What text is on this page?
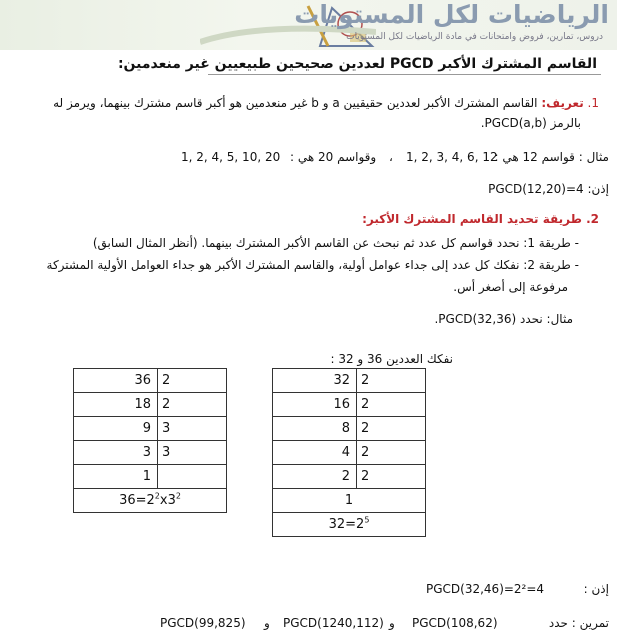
الرياضيات لكل المستويات
دروس، تمارين، فروض وامتحانات في مادة الرياضيات لكل المستويات
القاسم المشترك الأكبر PGCD لعددين صحيحين طبيعيين غير منعدمين:
1. تعريف: القاسم المشترك الأكبر لعددين حقيقيين a و b غير منعدمين هو أكبر قاسم مشترك بينهما، ويرمز له
بالرمز PGCD(a,b).
مثال : قواسم 12 هي :
1, 2, 3, 4, 6, 12
،
وقواسم 20 هي :
1, 2, 4, 5, 10, 20
إذن: PGCD(12,20)=4
2. طريقة تحديد القاسم المشترك الأكبر:
- طريقة 1: نحدد قواسم كل عدد ثم نبحث عن القاسم الأكبر المشترك بينهما. (أنظر المثال السابق)
- طريقة 2: نفكك كل عدد إلى جداء عوامل أولية، والقاسم المشترك الأكبر هو جداء العوامل الأولية المشتركة
مرفوعة إلى أصغر أس.
مثال: نحدد PGCD(32,36).
نفكك العددين 36 و 32 :
36	2
18	2
9	3
3	3
1	
$36=2^2x3^2$
32	2
16	2
8	2
4	2
2	2
1	
$32=2^5$
إذن :
PGCD(32,46)=2²=4
تمرين : حدد
PGCD(108,62)
و
PGCD(1240,112)
و
PGCD(99,825)
